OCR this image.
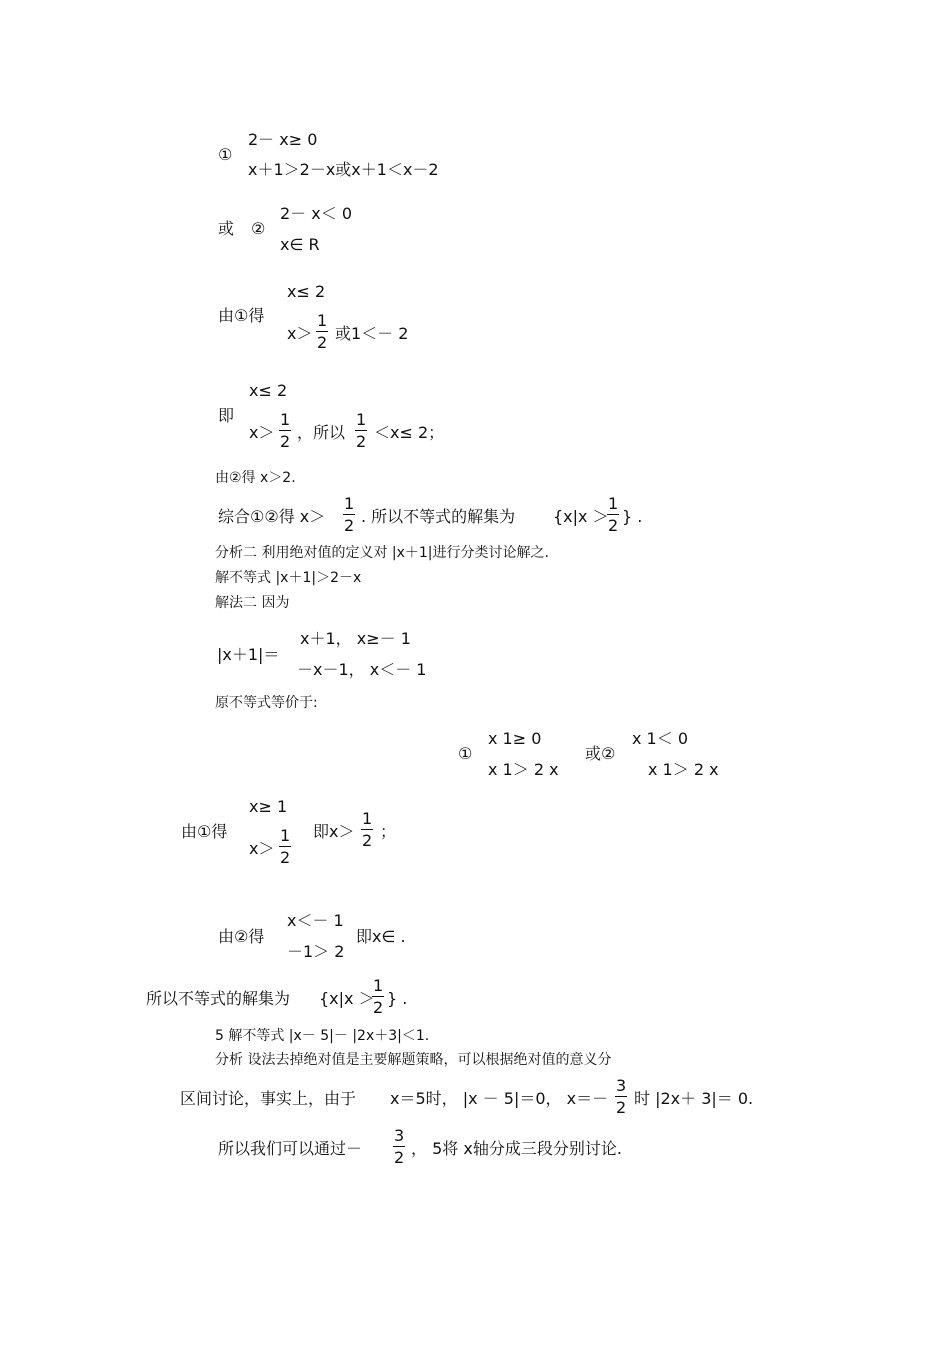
①
2－ x≥ 0
x＋1＞2－x或x＋1＜x－2
或 ②
2－ x＜ 0
x∈ R
由①得
x≤ 2
$x> \frac{1}{2}$ 或1＜－ 2
即
x≤ 2
$x> \frac{1}{2}$ ，所以 $\frac{1}{2} <x\le 2$；
由②得 x＞2.
综合①②得 $x> \frac{1}{2}$ . 所以不等式的解集为 {x|x ＞
$\frac{1}{2}$ } .
分析二 利用绝对值的定义对 |x＋1|进行分类讨论解之.
解不等式 |x＋1|＞2－x
解法二 因为
|x＋1|＝
x＋1， x≥－ 1
－x－1， x＜－ 1
原不等式等价于:
①
x 1≥ 0
x 1＞ 2 x
或②
x 1＜ 0
x 1＞ 2 x
由①得
x≥ 1
$x> \frac{1}{2}$ 即$x> \frac{1}{2}$ ；
由②得
x＜－ 1
－1＞ 2
即x∈ .
所以不等式的解集为 {x|x ＞
$\frac{1}{2}$ } .
5 解不等式 |x－ 5|－ |2x＋3|＜1.
分析 设法去掉绝对值是主要解题策略，可以根据绝对值的意义分
区间讨论，事实上，由于 x＝5时， |x － 5|＝0， $x=- \frac{3}{2}$ 时 |2x＋ 3|＝ 0.
所以我们可以通过－ $\frac{3}{2}$ ， 5将 x轴分成三段分别讨论.
